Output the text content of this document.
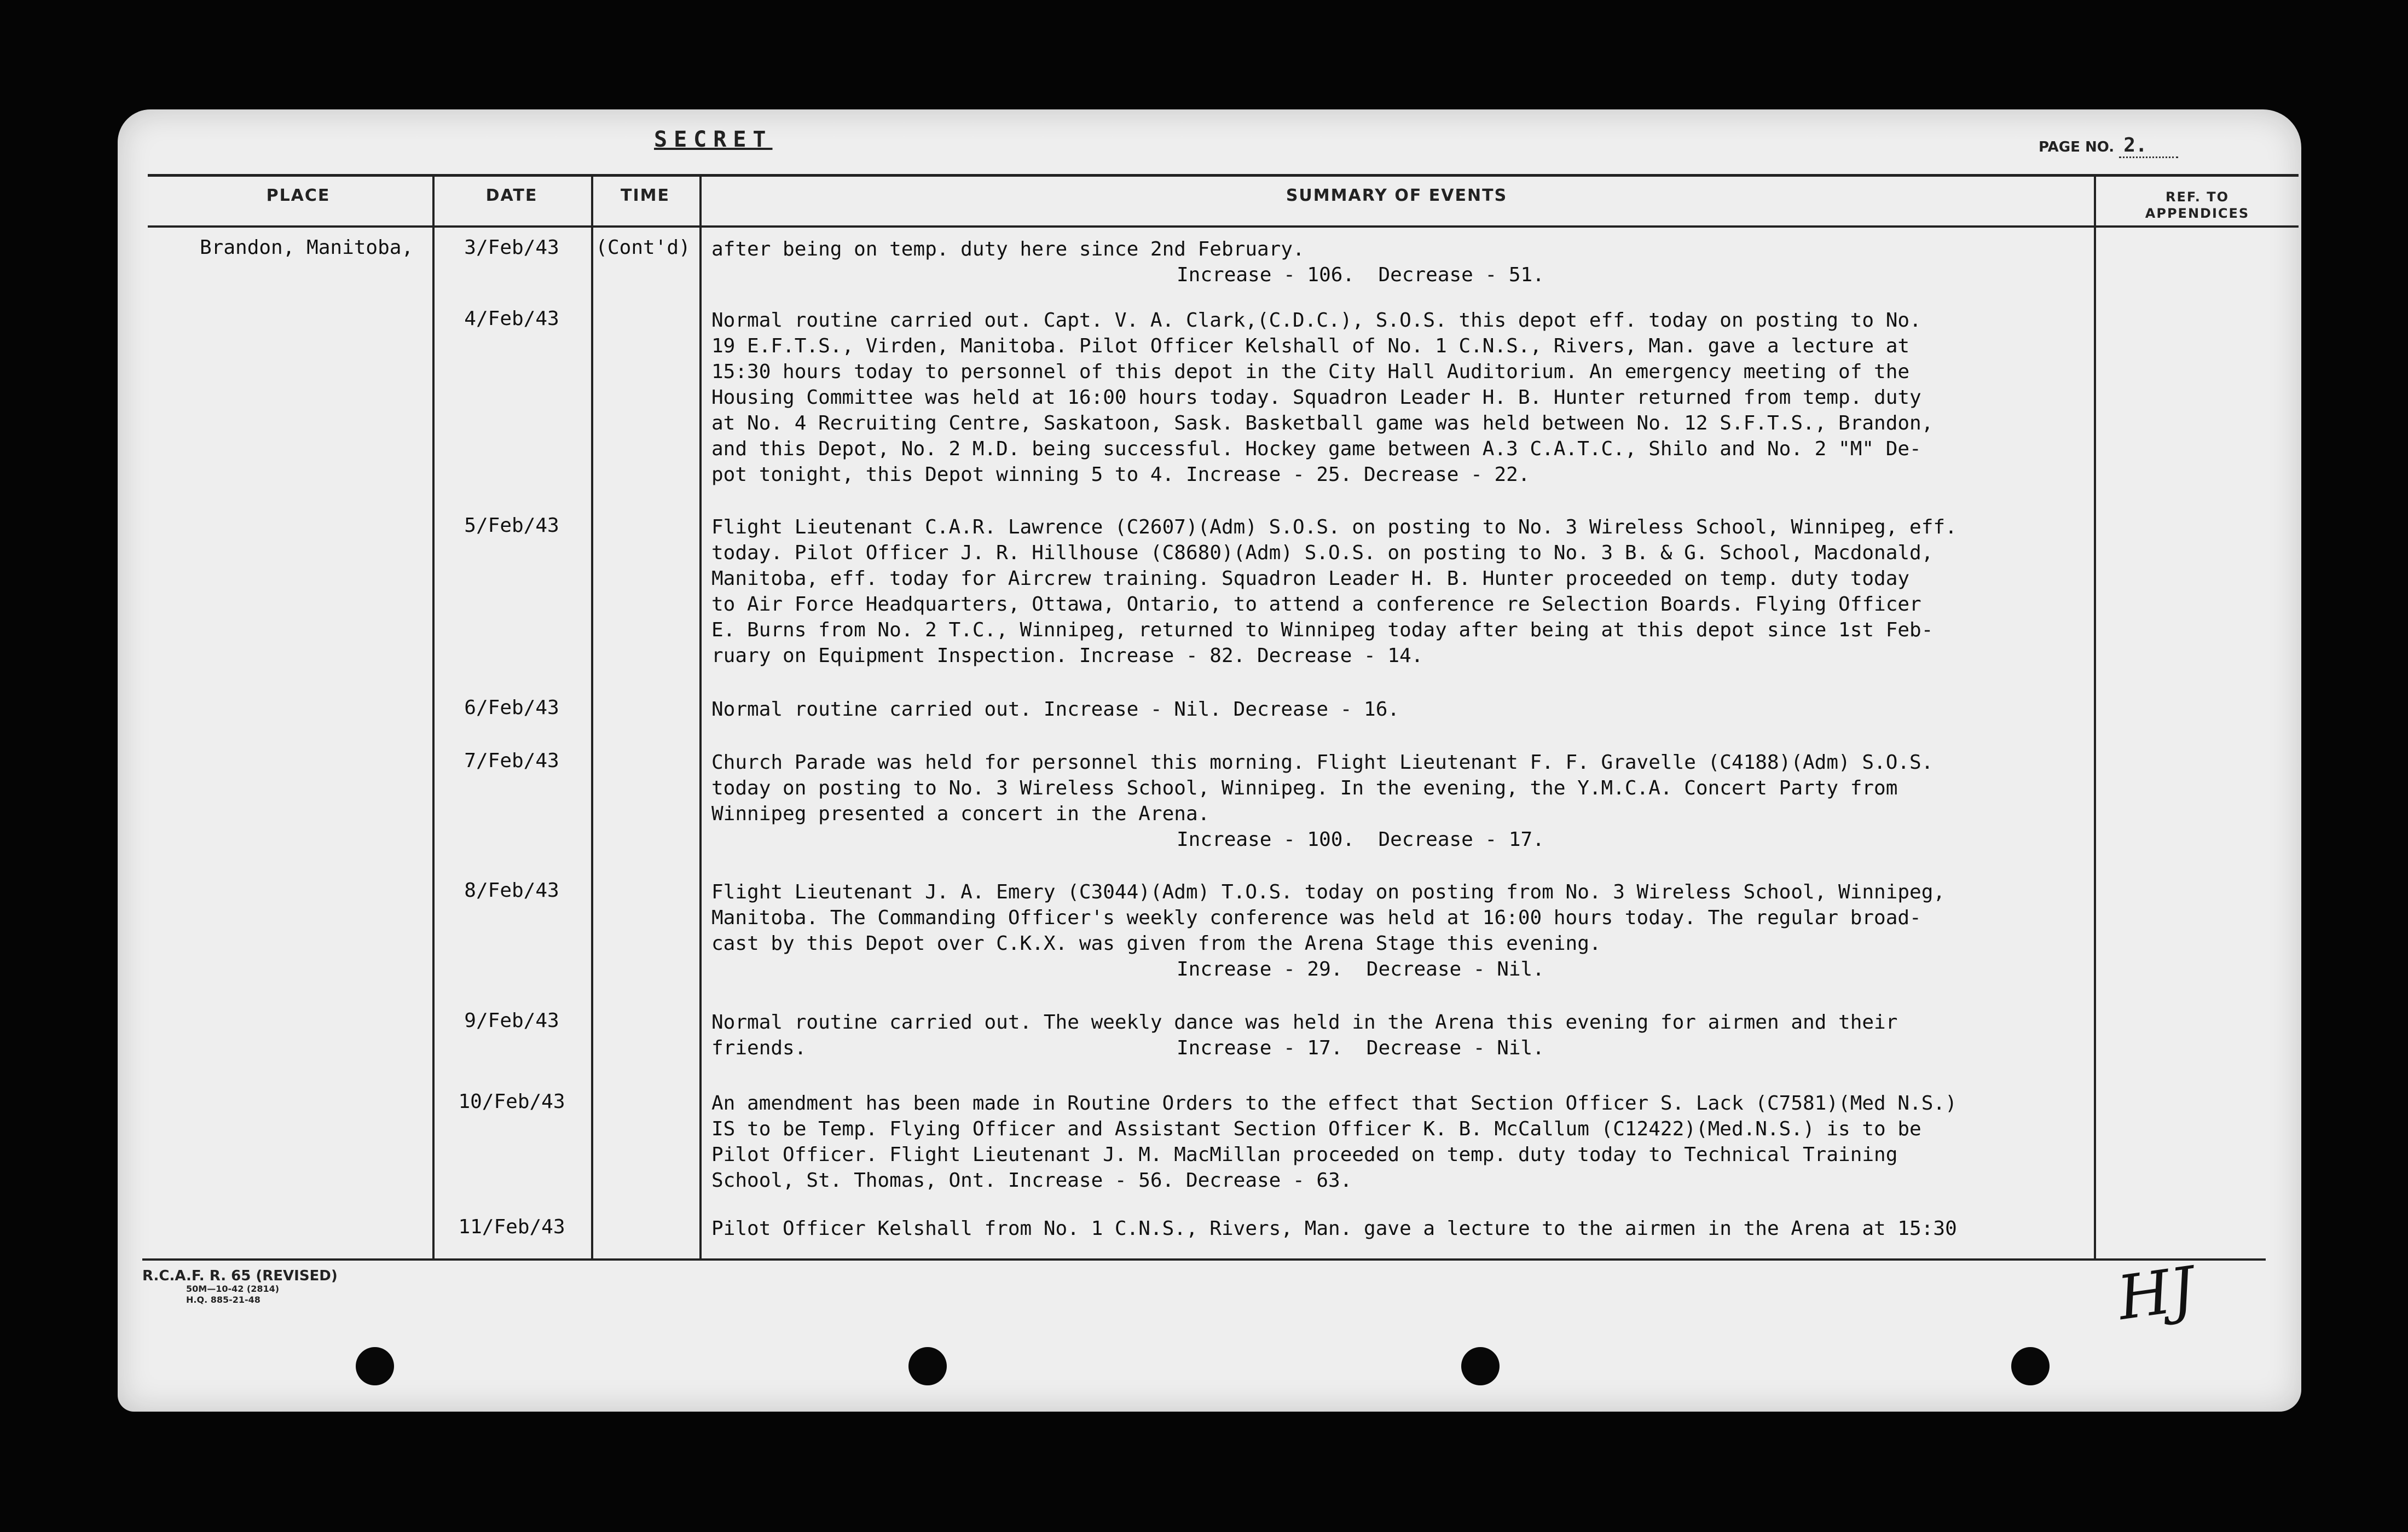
SECRET	PAGE NO. 2.
PLACE	DATE	TIME	SUMMARY OF EVENTS	REF. TO
APPENDICES
Brandon, Manitoba,	3/Feb/43	(Cont'd)	after being on temp. duty here since 2nd February.
Increase - 106.  Decrease - 51.
4/Feb/43	Normal routine carried out. Capt. V. A. Clark,(C.D.C.), S.O.S. this depot eff. today on posting to No.
19 E.F.T.S., Virden, Manitoba. Pilot Officer Kelshall of No. 1 C.N.S., Rivers, Man. gave a lecture at
15:30 hours today to personnel of this depot in the City Hall Auditorium. An emergency meeting of the
Housing Committee was held at 16:00 hours today. Squadron Leader H. B. Hunter returned from temp. duty
at No. 4 Recruiting Centre, Saskatoon, Sask. Basketball game was held between No. 12 S.F.T.S., Brandon,
and this Depot, No. 2 M.D. being successful. Hockey game between A.3 C.A.T.C., Shilo and No. 2 "M" De-
pot tonight, this Depot winning 5 to 4. Increase - 25. Decrease - 22.
5/Feb/43	Flight Lieutenant C.A.R. Lawrence (C2607)(Adm) S.O.S. on posting to No. 3 Wireless School, Winnipeg, eff.
today. Pilot Officer J. R. Hillhouse (C8680)(Adm) S.O.S. on posting to No. 3 B. & G. School, Macdonald,
Manitoba, eff. today for Aircrew training. Squadron Leader H. B. Hunter proceeded on temp. duty today
to Air Force Headquarters, Ottawa, Ontario, to attend a conference re Selection Boards. Flying Officer
E. Burns from No. 2 T.C., Winnipeg, returned to Winnipeg today after being at this depot since 1st Feb-
ruary on Equipment Inspection. Increase - 82. Decrease - 14.
6/Feb/43	Normal routine carried out. Increase - Nil. Decrease - 16.
7/Feb/43	Church Parade was held for personnel this morning. Flight Lieutenant F. F. Gravelle (C4188)(Adm) S.O.S.
today on posting to No. 3 Wireless School, Winnipeg. In the evening, the Y.M.C.A. Concert Party from
Winnipeg presented a concert in the Arena.
Increase - 100.  Decrease - 17.
8/Feb/43	Flight Lieutenant J. A. Emery (C3044)(Adm) T.O.S. today on posting from No. 3 Wireless School, Winnipeg,
Manitoba. The Commanding Officer's weekly conference was held at 16:00 hours today. The regular broad-
cast by this Depot over C.K.X. was given from the Arena Stage this evening.
Increase - 29.  Decrease - Nil.
9/Feb/43	Normal routine carried out. The weekly dance was held in the Arena this evening for airmen and their
friends.	Increase - 17.  Decrease - Nil.
10/Feb/43	An amendment has been made in Routine Orders to the effect that Section Officer S. Lack (C7581)(Med N.S.)
IS to be Temp. Flying Officer and Assistant Section Officer K. B. McCallum (C12422)(Med.N.S.) is to be
Pilot Officer. Flight Lieutenant J. M. MacMillan proceeded on temp. duty today to Technical Training
School, St. Thomas, Ont. Increase - 56. Decrease - 63.
11/Feb/43	Pilot Officer Kelshall from No. 1 C.N.S., Rivers, Man. gave a lecture to the airmen in the Arena at 15:30
R.C.A.F. R. 65 (REVISED)
50M—10-42 (2814)
H.Q. 885-21-48	HJ
